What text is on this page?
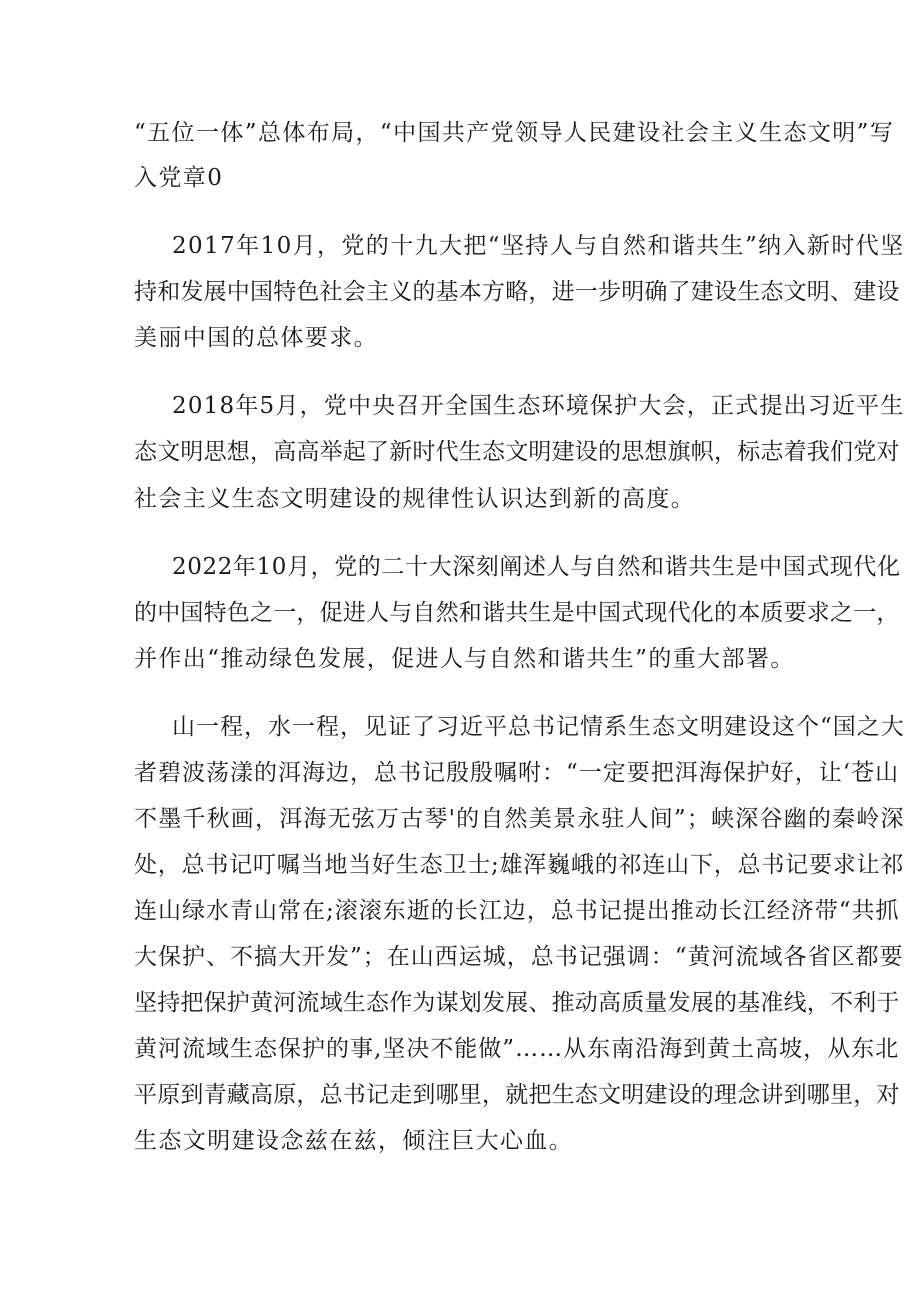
“五位一体”总体布局，“中国共产党领导人民建设社会主义生态文明”写
入党章0
2017年10月，党的十九大把“坚持人与自然和谐共生”纳入新时代坚
持和发展中国特色社会主义的基本方略，进一步明确了建设生态文明、建设
美丽中国的总体要求。
2018年5月，党中央召开全国生态环境保护大会，正式提出习近平生
态文明思想，高高举起了新时代生态文明建设的思想旗帜，标志着我们党对
社会主义生态文明建设的规律性认识达到新的高度。
2022年10月，党的二十大深刻阐述人与自然和谐共生是中国式现代化
的中国特色之一，促进人与自然和谐共生是中国式现代化的本质要求之一，
并作出“推动绿色发展，促进人与自然和谐共生”的重大部署。
山一程，水一程，见证了习近平总书记情系生态文明建设这个“国之大
者碧波荡漾的洱海边，总书记殷殷嘱咐：“一定要把洱海保护好，让‘苍山
不墨千秋画，洱海无弦万古琴'的自然美景永驻人间”；峡深谷幽的秦岭深
处，总书记叮嘱当地当好生态卫士;雄浑巍峨的祁连山下，总书记要求让祁
连山绿水青山常在;滚滚东逝的长江边，总书记提出推动长江经济带“共抓
大保护、不搞大开发”；在山西运城，总书记强调：“黄河流域各省区都要
坚持把保护黄河流域生态作为谋划发展、推动高质量发展的基准线，不利于
黄河流域生态保护的事,坚决不能做”……从东南沿海到黄土高坡，从东北
平原到青藏高原，总书记走到哪里，就把生态文明建设的理念讲到哪里，对
生态文明建设念兹在兹，倾注巨大心血。
